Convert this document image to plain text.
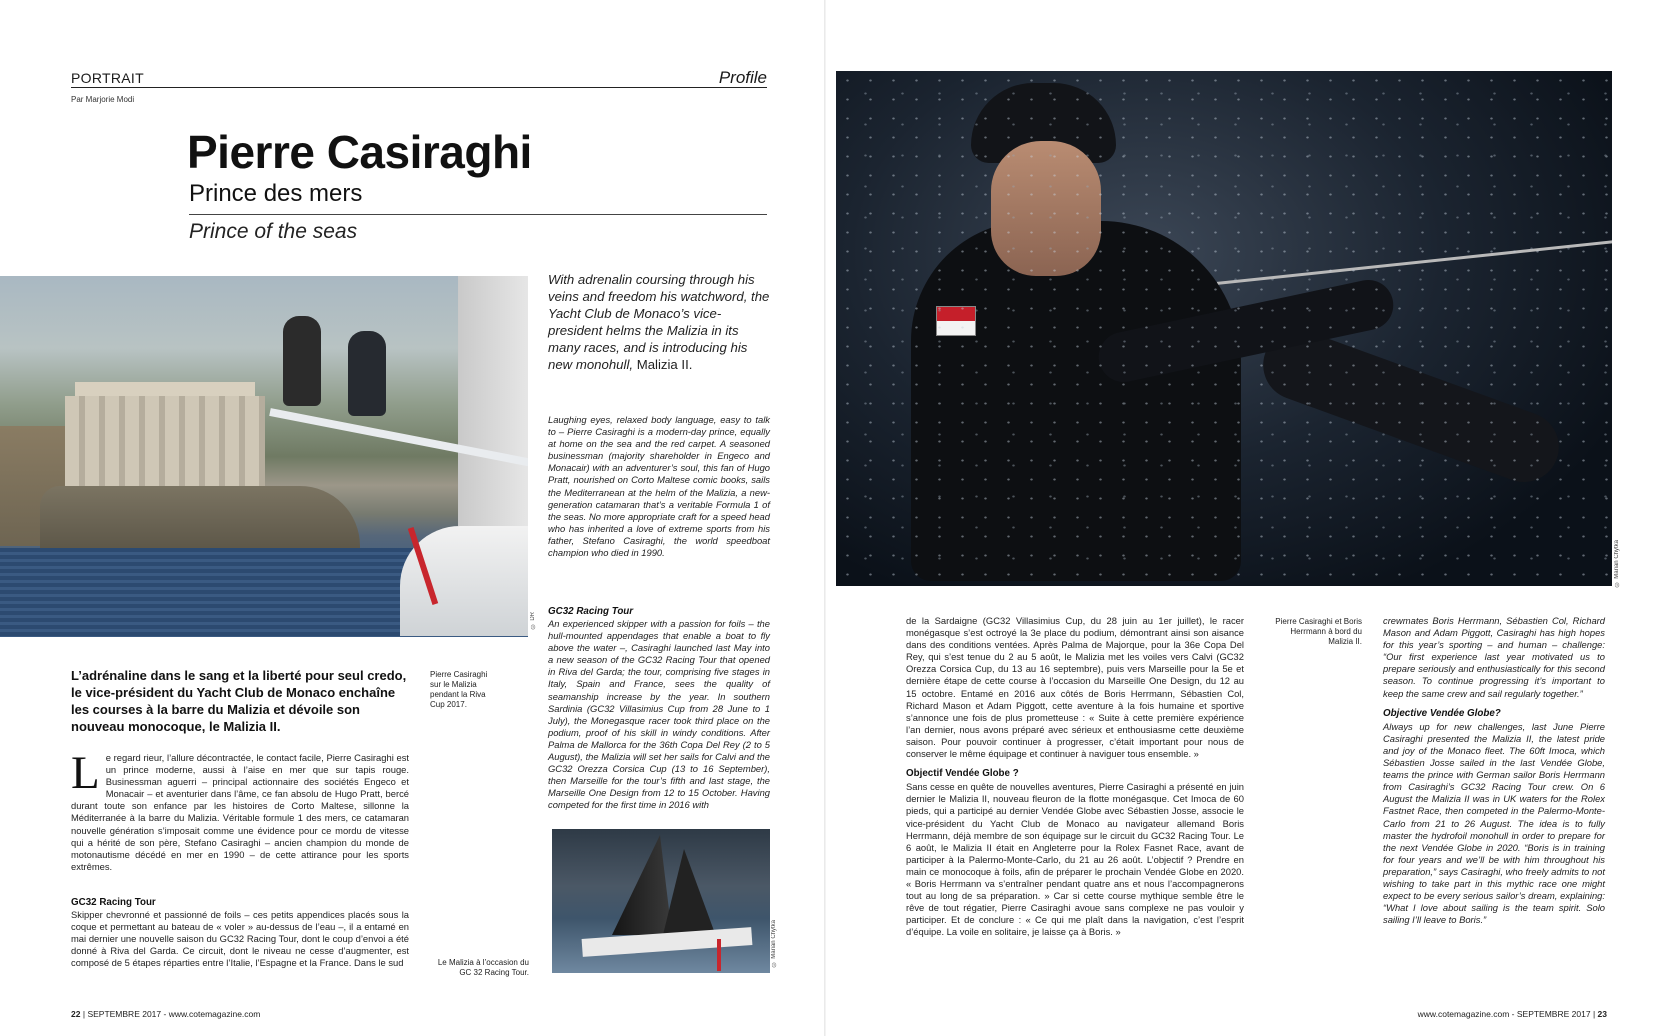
PORTRAIT	Profile
Par Marjorie Modi
Pierre Casiraghi
Prince des mers
Prince of the seas
© DR
With adrenalin coursing through his veins and freedom his watchword, the Yacht Club de Monaco’s vice-president helms the Malizia in its many races, and is introducing his new monohull, Malizia II.
Laughing eyes, relaxed body language, easy to talk to – Pierre Casiraghi is a modern-day prince, equally at home on the sea and the red carpet. A seasoned businessman (majority shareholder in Engeco and Monacair) with an adventurer’s soul, this fan of Hugo Pratt, nourished on Corto Maltese comic books, sails the Mediterranean at the helm of the Malizia, a new-generation catamaran that’s a veritable Formula 1 of the seas. No more appropriate craft for a speed head who has inherited a love of extreme sports from his father, Stefano Casiraghi, the world speedboat champion who died in 1990.
GC32 Racing Tour
An experienced skipper with a passion for foils – the hull-mounted appendages that enable a boat to fly above the water –, Casiraghi launched last May into a new season of the GC32 Racing Tour that opened in Riva del Garda; the tour, comprising five stages in Italy, Spain and France, sees the quality of seamanship increase by the year. In southern Sardinia (GC32 Villasimius Cup from 28 June to 1 July), the Monegasque racer took third place on the podium, proof of his skill in windy conditions. After Palma de Mallorca for the 36th Copa Del Rey (2 to 5 August), the Malizia will set her sails for Calvi and the GC32 Orezza Corsica Cup (13 to 16 September), then Marseille for the tour’s fifth and last stage, the Marseille One Design from 12 to 15 October. Having competed for the first time in 2016 with
© Marian Chytka
Pierre Casiraghi sur le Malizia pendant la Riva Cup 2017.
Le Malizia à l’occasion du GC 32 Racing Tour.
L’adrénaline dans le sang et la liberté pour seul credo, le vice-président du Yacht Club de Monaco enchaîne les courses à la barre du Malizia et dévoile son nouveau monocoque, le Malizia II.
Le regard rieur, l’allure décontractée, le contact facile, Pierre Casiraghi est un prince moderne, aussi à l’aise en mer que sur tapis rouge. Businessman aguerri – principal actionnaire des sociétés Engeco et Monacair – et aventurier dans l’âme, ce fan absolu de Hugo Pratt, bercé durant toute son enfance par les histoires de Corto Maltese, sillonne la Méditerranée à la barre du Malizia. Véritable formule 1 des mers, ce catamaran nouvelle génération s’imposait comme une évidence pour ce mordu de vitesse qui a hérité de son père, Stefano Casiraghi – ancien champion du monde de motonautisme décédé en mer en 1990 – de cette attirance pour les sports extrêmes.
GC32 Racing Tour
Skipper chevronné et passionné de foils – ces petits appendices placés sous la coque et permettant au bateau de « voler » au-dessus de l’eau –, il a entamé en mai dernier une nouvelle saison du GC32 Racing Tour, dont le coup d’envoi a été donné à Riva del Garda. Ce circuit, dont le niveau ne cesse d’augmenter, est composé de 5 étapes réparties entre l’Italie, l’Espagne et la France. Dans le sud
22 | SEPTEMBRE 2017 - www.cotemagazine.com
© Marian Chytka
de la Sardaigne (GC32 Villasimius Cup, du 28 juin au 1er juillet), le racer monégasque s’est octroyé la 3e place du podium, démontrant ainsi son aisance dans des conditions ventées. Après Palma de Majorque, pour la 36e Copa Del Rey, qui s’est tenue du 2 au 5 août, le Malizia met les voiles vers Calvi (GC32 Orezza Corsica Cup, du 13 au 16 septembre), puis vers Marseille pour la 5e et dernière étape de cette course à l’occasion du Marseille One Design, du 12 au 15 octobre. Entamé en 2016 aux côtés de Boris Herrmann, Sébastien Col, Richard Mason et Adam Piggott, cette aventure à la fois humaine et sportive s’annonce une fois de plus prometteuse : « Suite à cette première expérience l’an dernier, nous avons préparé avec sérieux et enthousiasme cette deuxième saison. Pour pouvoir continuer à progresser, c’était important pour nous de conserver le même équipage et continuer à naviguer tous ensemble. »
Objectif Vendée Globe ?
Sans cesse en quête de nouvelles aventures, Pierre Casiraghi a présenté en juin dernier le Malizia II, nouveau fleuron de la flotte monégasque. Cet Imoca de 60 pieds, qui a participé au dernier Vendée Globe avec Sébastien Josse, associe le vice-président du Yacht Club de Monaco au navigateur allemand Boris Herrmann, déjà membre de son équipage sur le circuit du GC32 Racing Tour. Le 6 août, le Malizia II était en Angleterre pour la Rolex Fasnet Race, avant de participer à la Palermo-Monte-Carlo, du 21 au 26 août. L’objectif ? Prendre en main ce monocoque à foils, afin de préparer le prochain Vendée Globe en 2020. « Boris Herrmann va s’entraîner pendant quatre ans et nous l’accompagnerons tout au long de sa préparation. » Car si cette course mythique semble être le rêve de tout régatier, Pierre Casiraghi avoue sans complexe ne pas vouloir y participer. Et de conclure : « Ce qui me plaît dans la navigation, c’est l’esprit d’équipe. La voile en solitaire, je laisse ça à Boris. »
Pierre Casiraghi et Boris Herrmann à bord du Malizia II.
crewmates Boris Herrmann, Sébastien Col, Richard Mason and Adam Piggott, Casiraghi has high hopes for this year’s sporting – and human – challenge: “Our first experience last year motivated us to prepare seriously and enthusiastically for this second season. To continue progressing it’s important to keep the same crew and sail regularly together.”
Objective Vendée Globe?
Always up for new challenges, last June Pierre Casiraghi presented the Malizia II, the latest pride and joy of the Monaco fleet. The 60ft Imoca, which Sébastien Josse sailed in the last Vendée Globe, teams the prince with German sailor Boris Herrmann from Casiraghi’s GC32 Racing Tour crew. On 6 August the Malizia II was in UK waters for the Rolex Fastnet Race, then competed in the Palermo-Monte-Carlo from 21 to 26 August. The idea is to fully master the hydrofoil monohull in order to prepare for the next Vendée Globe in 2020. “Boris is in training for four years and we’ll be with him throughout his preparation,” says Casiraghi, who freely admits to not wishing to take part in this mythic race one might expect to be every serious sailor’s dream, explaining: “What I love about sailing is the team spirit. Solo sailing I’ll leave to Boris.”
www.cotemagazine.com - SEPTEMBRE 2017 | 23
